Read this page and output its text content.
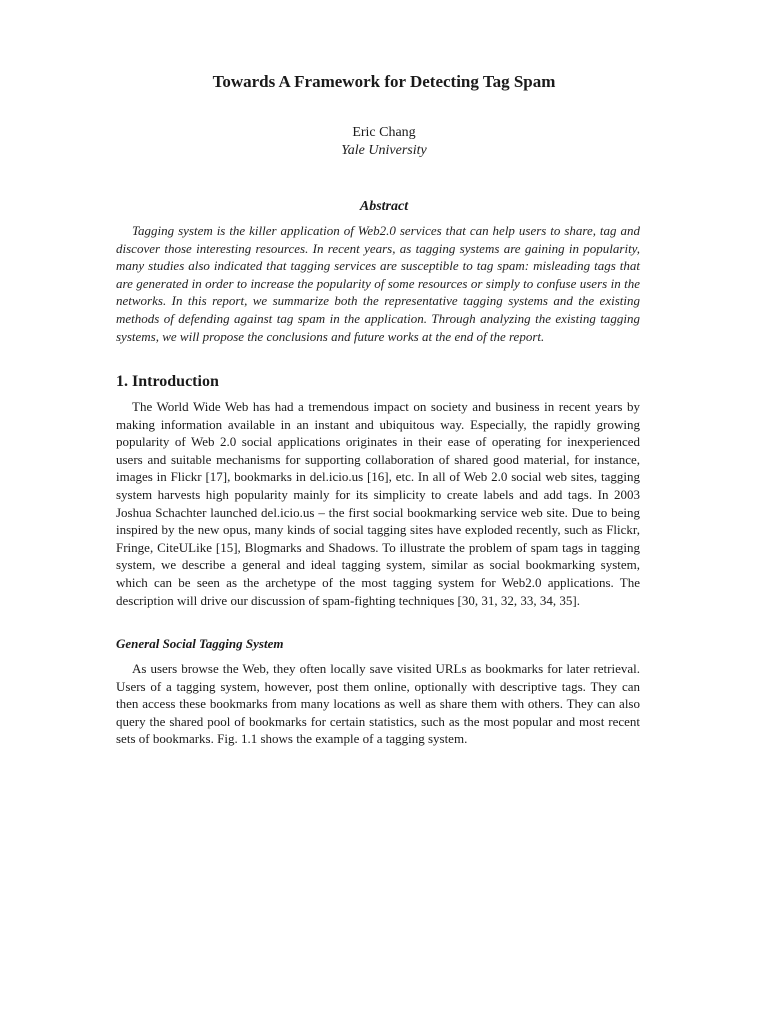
Towards A Framework for Detecting Tag Spam
Eric Chang
Yale University
Abstract

Tagging system is the killer application of Web2.0 services that can help users to share, tag and discover those interesting resources. In recent years, as tagging systems are gaining in popularity, many studies also indicated that tagging services are susceptible to tag spam: misleading tags that are generated in order to increase the popularity of some resources or simply to confuse users in the networks. In this report, we summarize both the representative tagging systems and the existing methods of defending against tag spam in the application. Through analyzing the existing tagging systems, we will propose the conclusions and future works at the end of the report.

1. Introduction

The World Wide Web has had a tremendous impact on society and business in recent years by making information available in an instant and ubiquitous way. Especially, the rapidly growing popularity of Web 2.0 social applications originates in their ease of operating for inexperienced users and suitable mechanisms for supporting collaboration of shared good material, for instance, images in Flickr [17], bookmarks in del.icio.us [16], etc. In all of Web 2.0 social web sites, tagging system harvests high popularity mainly for its simplicity to create labels and add tags. In 2003 Joshua Schachter launched del.icio.us – the first social bookmarking service web site. Due to being inspired by the new opus, many kinds of social tagging sites have exploded recently, such as Flickr, Fringe, CiteULike [15], Blogmarks and Shadows. To illustrate the problem of spam tags in tagging system, we describe a general and ideal tagging system, similar as social bookmarking system, which can be seen as the archetype of the most tagging system for Web2.0 applications. The description will drive our discussion of spam-fighting techniques [30, 31, 32, 33, 34, 35].

General Social Tagging System

As users browse the Web, they often locally save visited URLs as bookmarks for later retrieval. Users of a tagging system, however, post them online, optionally with descriptive tags. They can then access these bookmarks from many locations as well as share them with others. They can also query the shared pool of bookmarks for certain statistics, such as the most popular and most recent sets of bookmarks. Fig. 1.1 shows the example of a tagging system.
